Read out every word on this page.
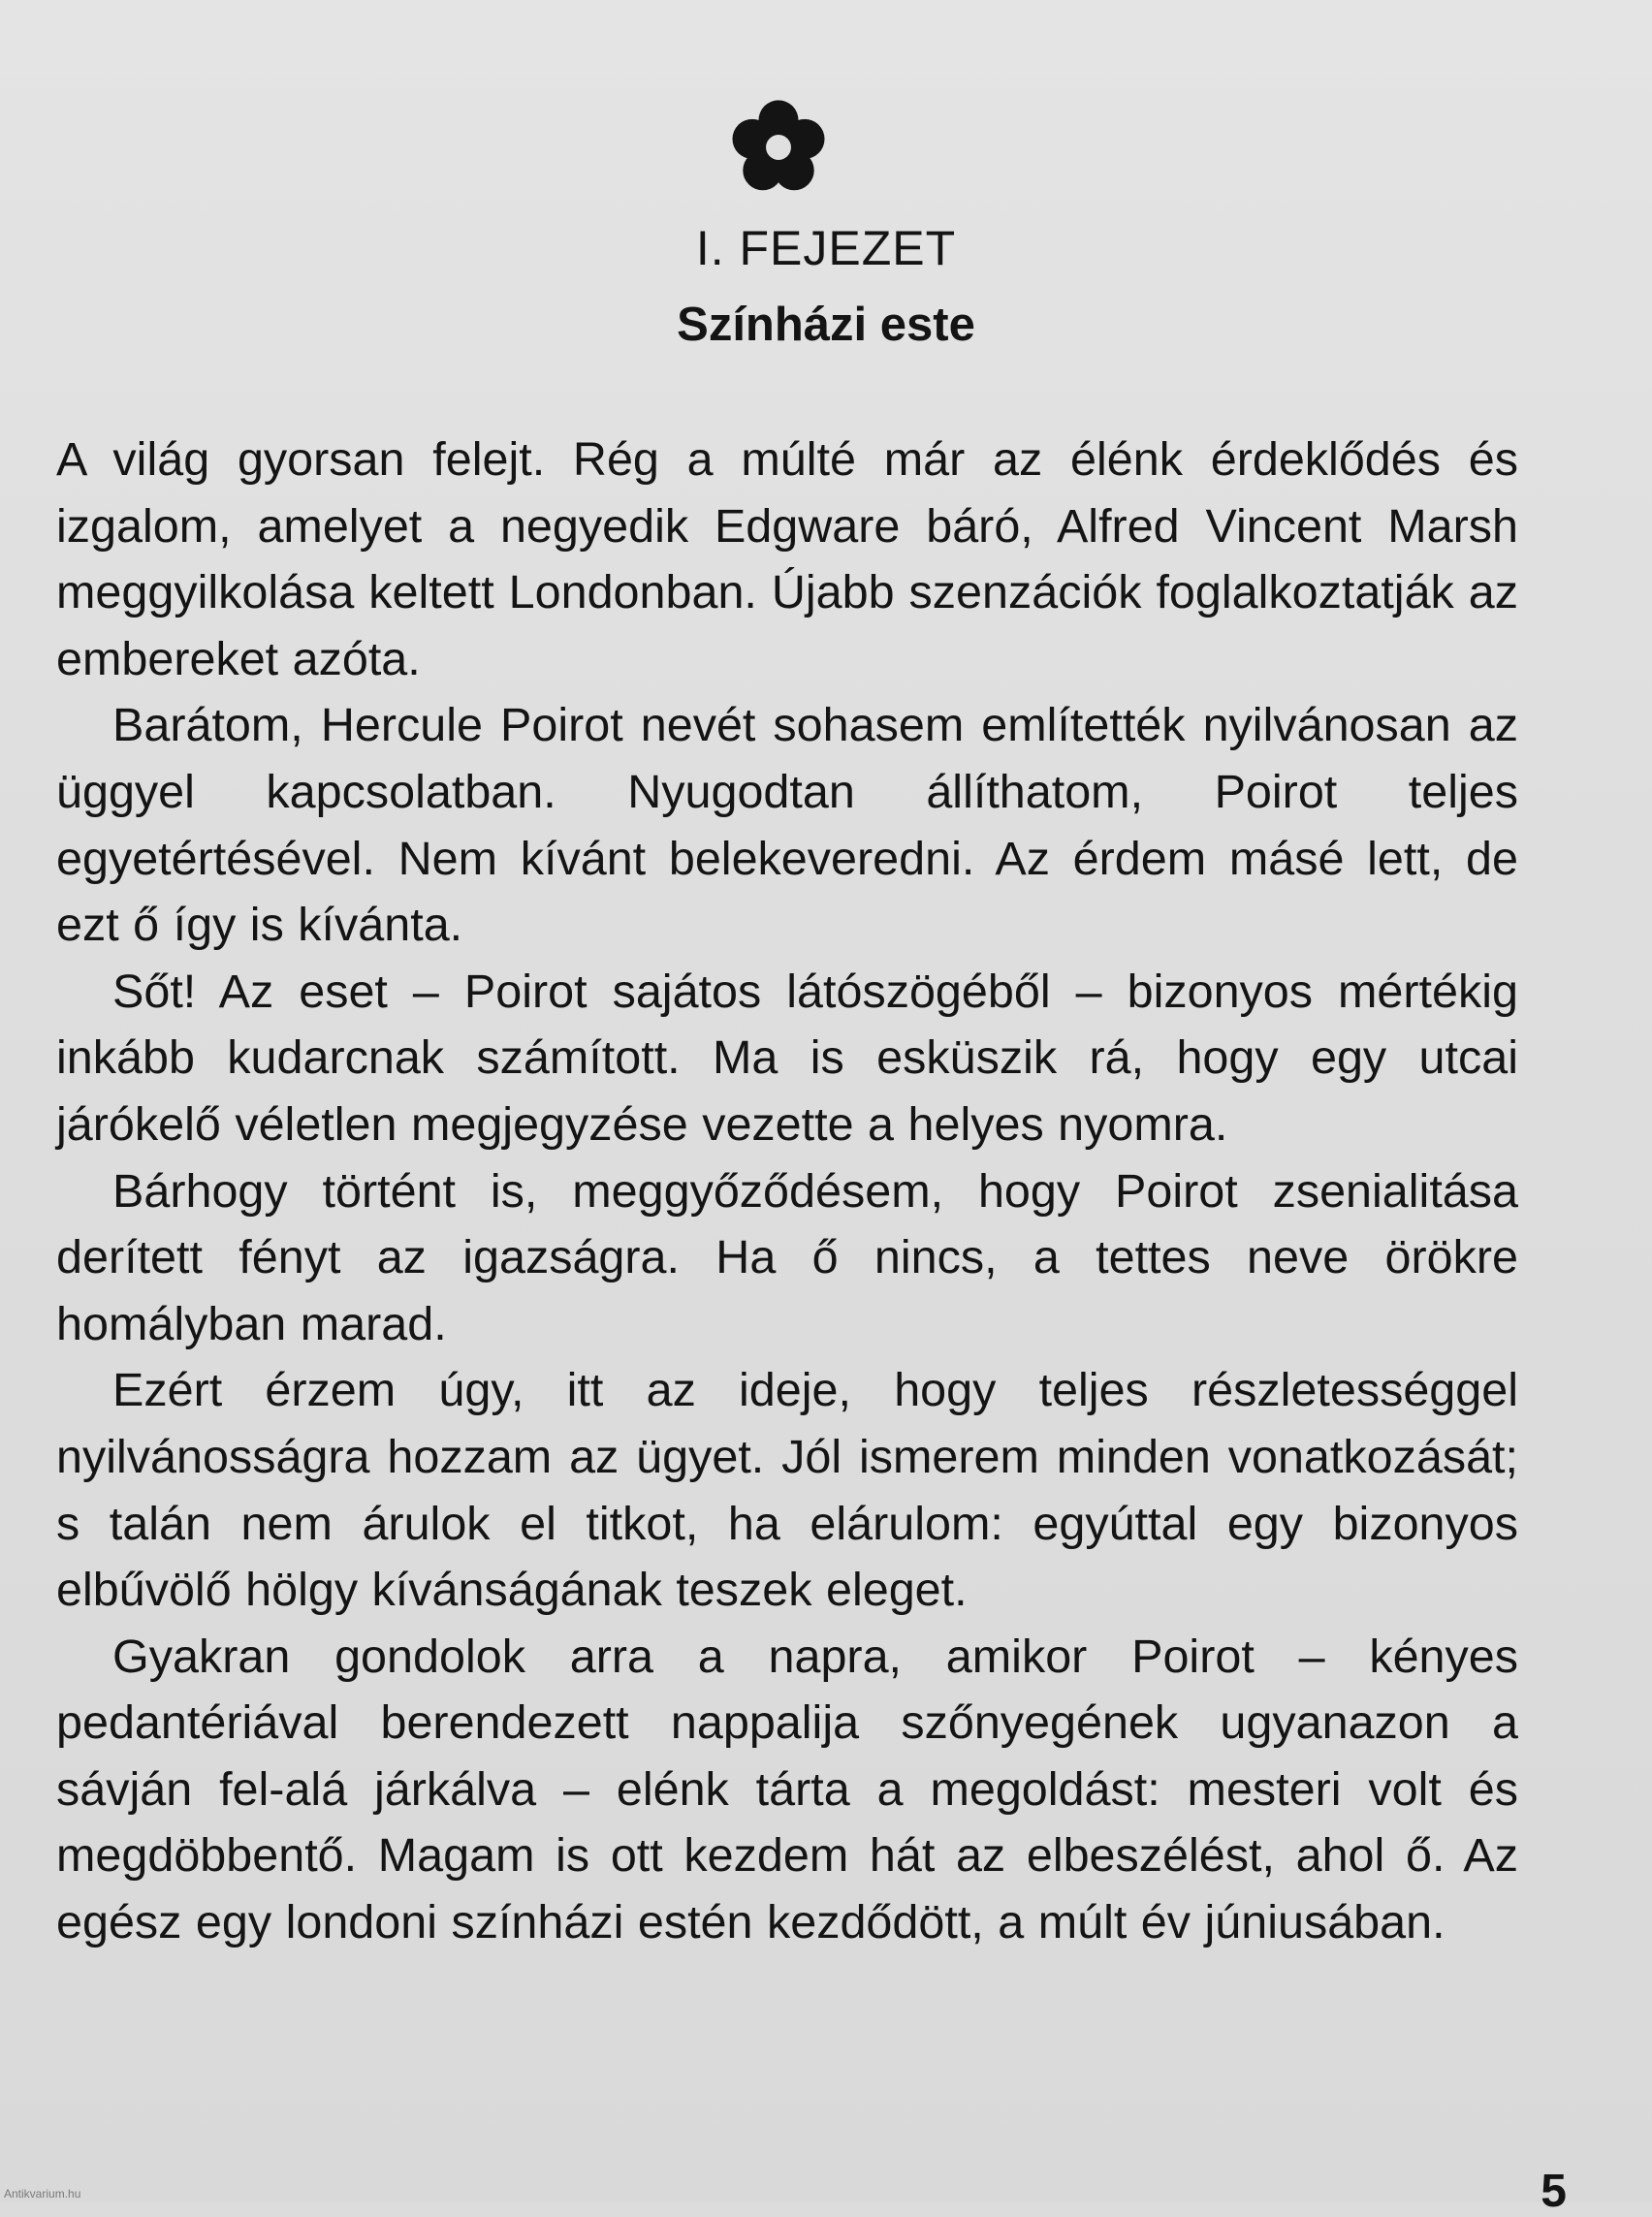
I. FEJEZET
Színházi este

A világ gyorsan felejt. Rég a múlté már az élénk érdeklődés és izgalom, amelyet a negyedik Edgware báró, Alfred Vincent Marsh meggyilkolása keltett Londonban. Újabb szenzációk foglalkoztatják az embereket azóta.

Barátom, Hercule Poirot nevét sohasem említették nyilvánosan az üggyel kapcsolatban. Nyugodtan állíthatom, Poirot teljes egyetértésével. Nem kívánt belekeveredni. Az érdem másé lett, de ezt ő így is kívánta.

Sőt! Az eset – Poirot sajátos látószögéből – bizonyos mértékig inkább kudarcnak számított. Ma is esküszik rá, hogy egy utcai járókelő véletlen megjegyzése vezette a helyes nyomra.

Bárhogy történt is, meggyőződésem, hogy Poirot zsenialitása derített fényt az igazságra. Ha ő nincs, a tettes neve örökre homályban marad.

Ezért érzem úgy, itt az ideje, hogy teljes részletességgel nyilvánosságra hozzam az ügyet. Jól ismerem minden vonatkozását; s talán nem árulok el titkot, ha elárulom: egyúttal egy bizonyos elbűvölő hölgy kívánságának teszek eleget.

Gyakran gondolok arra a napra, amikor Poirot – kényes pedantériával berendezett nappalija szőnyegének ugyanazon a sávján fel-alá járkálva – elénk tárta a megoldást: mesteri volt és megdöbbentő. Magam is ott kezdem hát az elbeszélést, ahol ő. Az egész egy londoni színházi estén kezdődött, a múlt év júniusában.

5
Antikvarium.hu
